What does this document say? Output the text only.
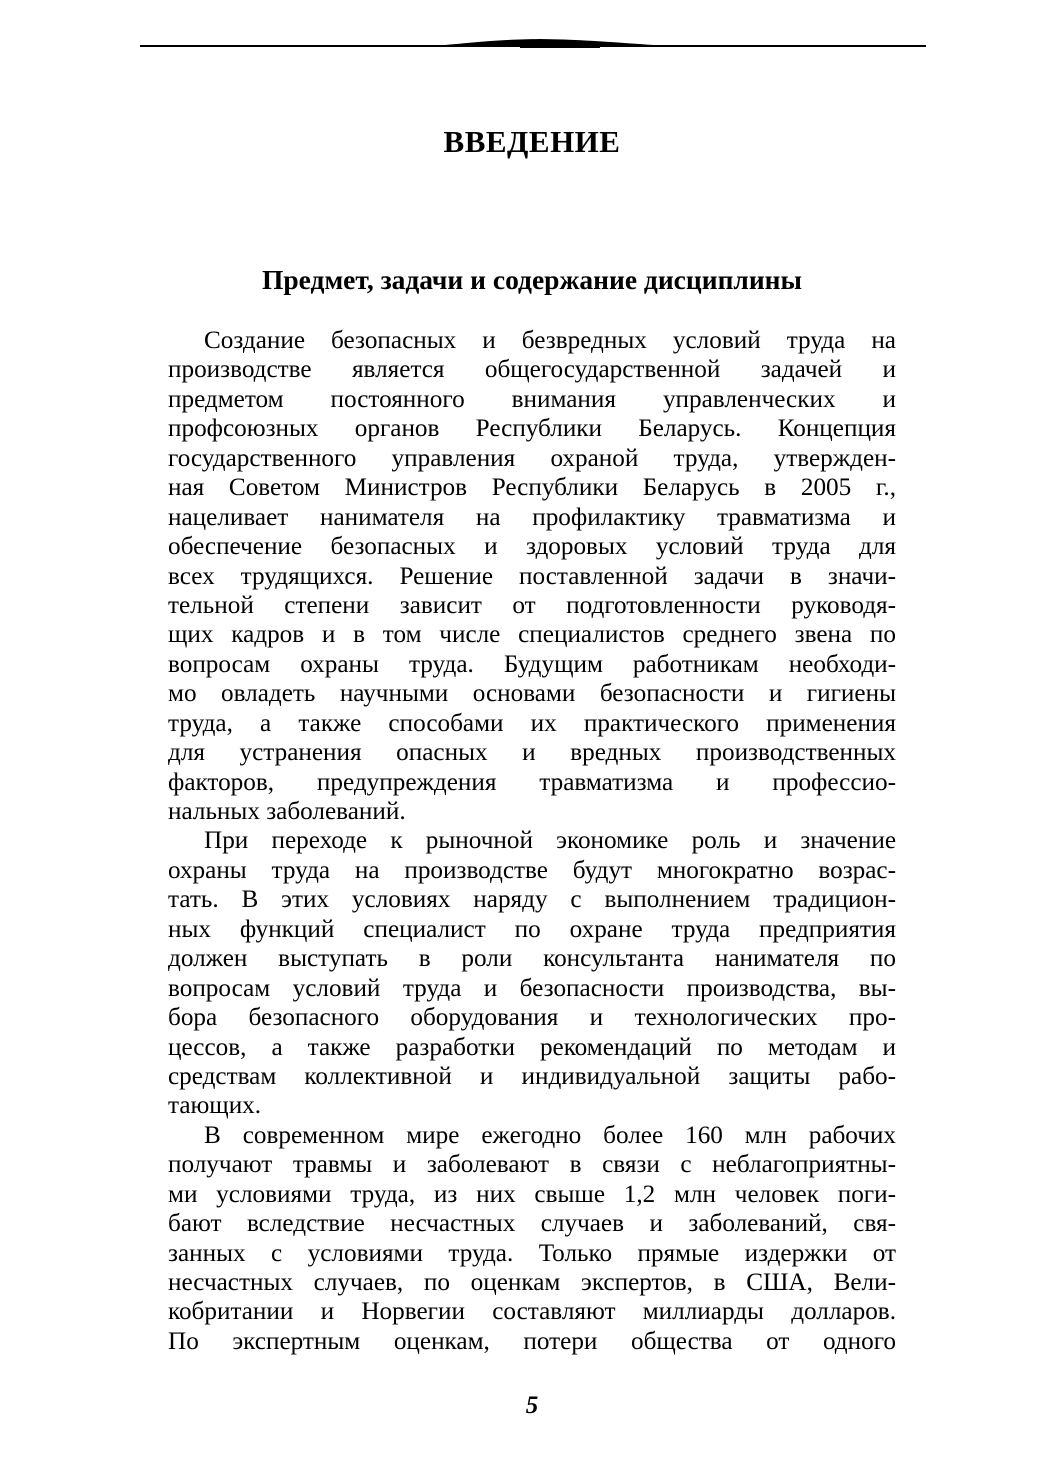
ВВЕДЕНИЕ
Предмет, задачи и содержание дисциплины
Создание безопасных и безвредных условий труда на
производстве является общегосударственной задачей и
предметом постоянного внимания управленческих и
профсоюзных органов Республики Беларусь. Концепция
государственного управления охраной труда, утвержден-
ная Советом Министров Республики Беларусь в 2005 г.,
нацеливает нанимателя на профилактику травматизма и
обеспечение безопасных и здоровых условий труда для
всех трудящихся. Решение поставленной задачи в значи-
тельной степени зависит от подготовленности руководя-
щих кадров и в том числе специалистов среднего звена по
вопросам охраны труда. Будущим работникам необходи-
мо овладеть научными основами безопасности и гигиены
труда, а также способами их практического применения
для устранения опасных и вредных производственных
факторов, предупреждения травматизма и профессио-
нальных заболеваний.
При переходе к рыночной экономике роль и значение
охраны труда на производстве будут многократно возрас-
тать. В этих условиях наряду с выполнением традицион-
ных функций специалист по охране труда предприятия
должен выступать в роли консультанта нанимателя по
вопросам условий труда и безопасности производства, вы-
бора безопасного оборудования и технологических про-
цессов, а также разработки рекомендаций по методам и
средствам коллективной и индивидуальной защиты рабо-
тающих.
В современном мире ежегодно более 160 млн рабочих
получают травмы и заболевают в связи с неблагоприятны-
ми условиями труда, из них свыше 1,2 млн человек поги-
бают вследствие несчастных случаев и заболеваний, свя-
занных с условиями труда. Только прямые издержки от
несчастных случаев, по оценкам экспертов, в США, Вели-
кобритании и Норвегии составляют миллиарды долларов.
По экспертным оценкам, потери общества от одного
5
